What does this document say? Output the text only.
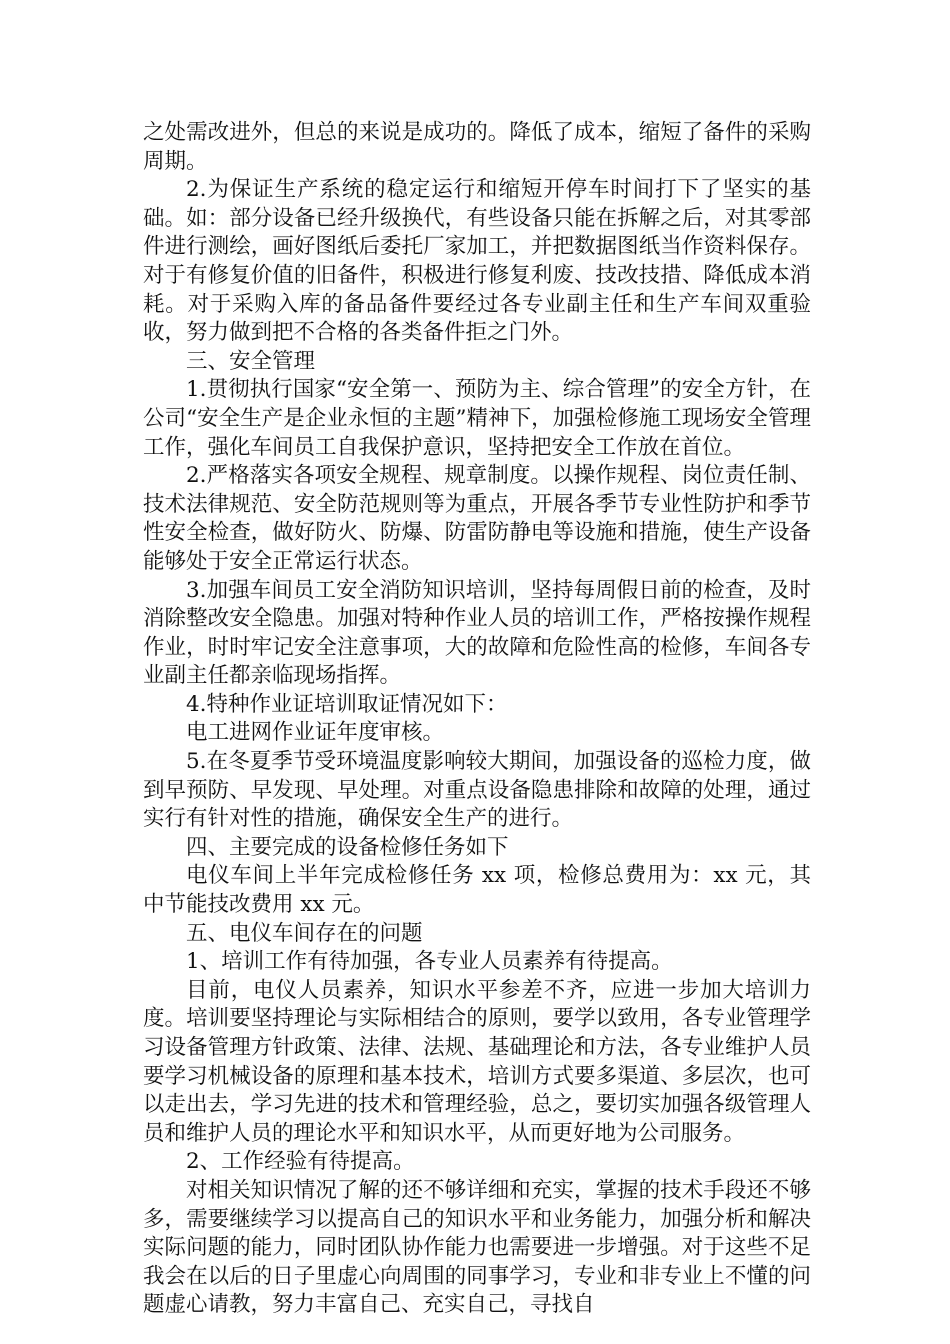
之处需改进外，但总的来说是成功的。降低了成本，缩短了备件的采购周期。

2.为保证生产系统的稳定运行和缩短开停车时间打下了坚实的基础。如：部分设备已经升级换代，有些设备只能在拆解之后，对其零部件进行测绘，画好图纸后委托厂家加工，并把数据图纸当作资料保存。对于有修复价值的旧备件，积极进行修复利废、技改技措、降低成本消耗。对于采购入库的备品备件要经过各专业副主任和生产车间双重验收，努力做到把不合格的各类备件拒之门外。

三、安全管理

1.贯彻执行国家“安全第一、预防为主、综合管理”的安全方针，在公司“安全生产是企业永恒的主题”精神下，加强检修施工现场安全管理工作，强化车间员工自我保护意识，坚持把安全工作放在首位。

2.严格落实各项安全规程、规章制度。以操作规程、岗位责任制、技术法律规范、安全防范规则等为重点，开展各季节专业性防护和季节性安全检查，做好防火、防爆、防雷防静电等设施和措施，使生产设备能够处于安全正常运行状态。

3.加强车间员工安全消防知识培训，坚持每周假日前的检查，及时消除整改安全隐患。加强对特种作业人员的培训工作，严格按操作规程作业，时时牢记安全注意事项，大的故障和危险性高的检修，车间各专业副主任都亲临现场指挥。

4.特种作业证培训取证情况如下：

电工进网作业证年度审核。

5.在冬夏季节受环境温度影响较大期间，加强设备的巡检力度，做到早预防、早发现、早处理。对重点设备隐患排除和故障的处理，通过实行有针对性的措施，确保安全生产的进行。

四、主要完成的设备检修任务如下

电仪车间上半年完成检修任务 xx 项，检修总费用为：xx 元，其中节能技改费用 xx 元。

五、电仪车间存在的问题

1、培训工作有待加强，各专业人员素养有待提高。

目前，电仪人员素养，知识水平参差不齐，应进一步加大培训力度。培训要坚持理论与实际相结合的原则，要学以致用，各专业管理学习设备管理方针政策、法律、法规、基础理论和方法，各专业维护人员要学习机械设备的原理和基本技术，培训方式要多渠道、多层次，也可以走出去，学习先进的技术和管理经验，总之，要切实加强各级管理人员和维护人员的理论水平和知识水平，从而更好地为公司服务。

2、工作经验有待提高。

对相关知识情况了解的还不够详细和充实，掌握的技术手段还不够多，需要继续学习以提高自己的知识水平和业务能力，加强分析和解决实际问题的能力，同时团队协作能力也需要进一步增强。对于这些不足我会在以后的日子里虚心向周围的同事学习，专业和非专业上不懂的问题虚心请教，努力丰富自己、充实自己，寻找自
